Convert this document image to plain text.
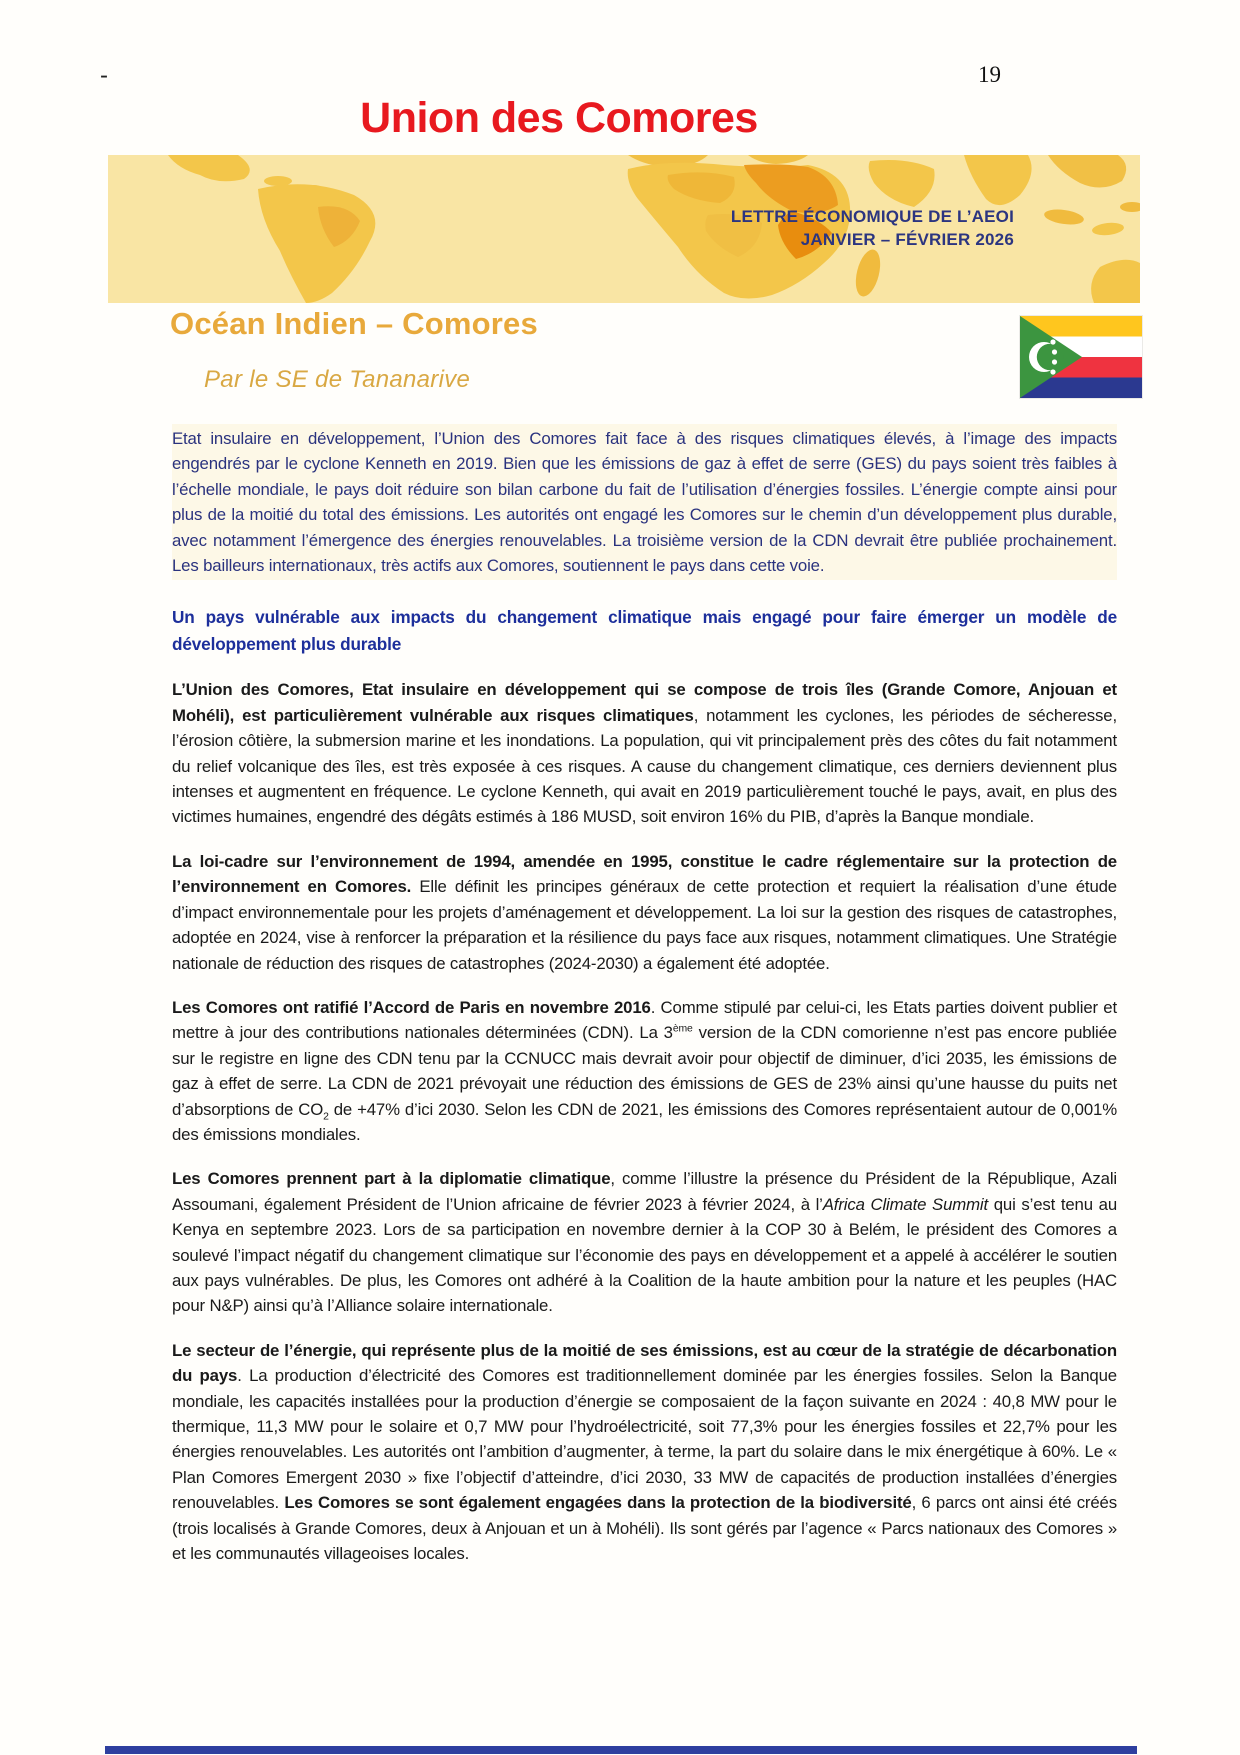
-	19
Union des Comores
LETTRE ÉCONOMIQUE DE L’AEOI
JANVIER – FÉVRIER 2026
Océan Indien – Comores
Par le SE de Tananarive

Etat insulaire en développement, l’Union des Comores fait face à des risques climatiques élevés, à l’image des impacts engendrés par le cyclone Kenneth en 2019. Bien que les émissions de gaz à effet de serre (GES) du pays soient très faibles à l’échelle mondiale, le pays doit réduire son bilan carbone du fait de l’utilisation d’énergies fossiles. L’énergie compte ainsi pour plus de la moitié du total des émissions. Les autorités ont engagé les Comores sur le chemin d’un développement plus durable, avec notamment l’émergence des énergies renouvelables. La troisième version de la CDN devrait être publiée prochainement. Les bailleurs internationaux, très actifs aux Comores, soutiennent le pays dans cette voie.

Un pays vulnérable aux impacts du changement climatique mais engagé pour faire émerger un modèle de développement plus durable

L’Union des Comores, Etat insulaire en développement qui se compose de trois îles (Grande Comore, Anjouan et Mohéli), est particulièrement vulnérable aux risques climatiques, notamment les cyclones, les périodes de sécheresse, l’érosion côtière, la submersion marine et les inondations. La population, qui vit principalement près des côtes du fait notamment du relief volcanique des îles, est très exposée à ces risques. A cause du changement climatique, ces derniers deviennent plus intenses et augmentent en fréquence. Le cyclone Kenneth, qui avait en 2019 particulièrement touché le pays, avait, en plus des victimes humaines, engendré des dégâts estimés à 186 MUSD, soit environ 16% du PIB, d’après la Banque mondiale.

La loi-cadre sur l’environnement de 1994, amendée en 1995, constitue le cadre réglementaire sur la protection de l’environnement en Comores. Elle définit les principes généraux de cette protection et requiert la réalisation d’une étude d’impact environnementale pour les projets d’aménagement et développement. La loi sur la gestion des risques de catastrophes, adoptée en 2024, vise à renforcer la préparation et la résilience du pays face aux risques, notamment climatiques. Une Stratégie nationale de réduction des risques de catastrophes (2024-2030) a également été adoptée.

Les Comores ont ratifié l’Accord de Paris en novembre 2016. Comme stipulé par celui-ci, les Etats parties doivent publier et mettre à jour des contributions nationales déterminées (CDN). La 3ème version de la CDN comorienne n’est pas encore publiée sur le registre en ligne des CDN tenu par la CCNUCC mais devrait avoir pour objectif de diminuer, d’ici 2035, les émissions de gaz à effet de serre. La CDN de 2021 prévoyait une réduction des émissions de GES de 23% ainsi qu’une hausse du puits net d’absorptions de $CO_2$ de +47% d’ici 2030. Selon les CDN de 2021, les émissions des Comores représentaient autour de 0,001% des émissions mondiales.

Les Comores prennent part à la diplomatie climatique, comme l’illustre la présence du Président de la République, Azali Assoumani, également Président de l’Union africaine de février 2023 à février 2024, à l’Africa Climate Summit qui s’est tenu au Kenya en septembre 2023. Lors de sa participation en novembre dernier à la COP 30 à Belém, le président des Comores a soulevé l’impact négatif du changement climatique sur l’économie des pays en développement et a appelé à accélérer le soutien aux pays vulnérables. De plus, les Comores ont adhéré à la Coalition de la haute ambition pour la nature et les peuples (HAC pour N&P) ainsi qu’à l’Alliance solaire internationale.

Le secteur de l’énergie, qui représente plus de la moitié de ses émissions, est au cœur de la stratégie de décarbonation du pays. La production d’électricité des Comores est traditionnellement dominée par les énergies fossiles. Selon la Banque mondiale, les capacités installées pour la production d’énergie se composaient de la façon suivante en 2024 : 40,8 MW pour le thermique, 11,3 MW pour le solaire et 0,7 MW pour l’hydroélectricité, soit 77,3% pour les énergies fossiles et 22,7% pour les énergies renouvelables. Les autorités ont l’ambition d’augmenter, à terme, la part du solaire dans le mix énergétique à 60%. Le « Plan Comores Emergent 2030 » fixe l’objectif d’atteindre, d’ici 2030, 33 MW de capacités de production installées d’énergies renouvelables. Les Comores se sont également engagées dans la protection de la biodiversité, 6 parcs ont ainsi été créés (trois localisés à Grande Comores, deux à Anjouan et un à Mohéli). Ils sont gérés par l’agence « Parcs nationaux des Comores » et les communautés villageoises locales.
